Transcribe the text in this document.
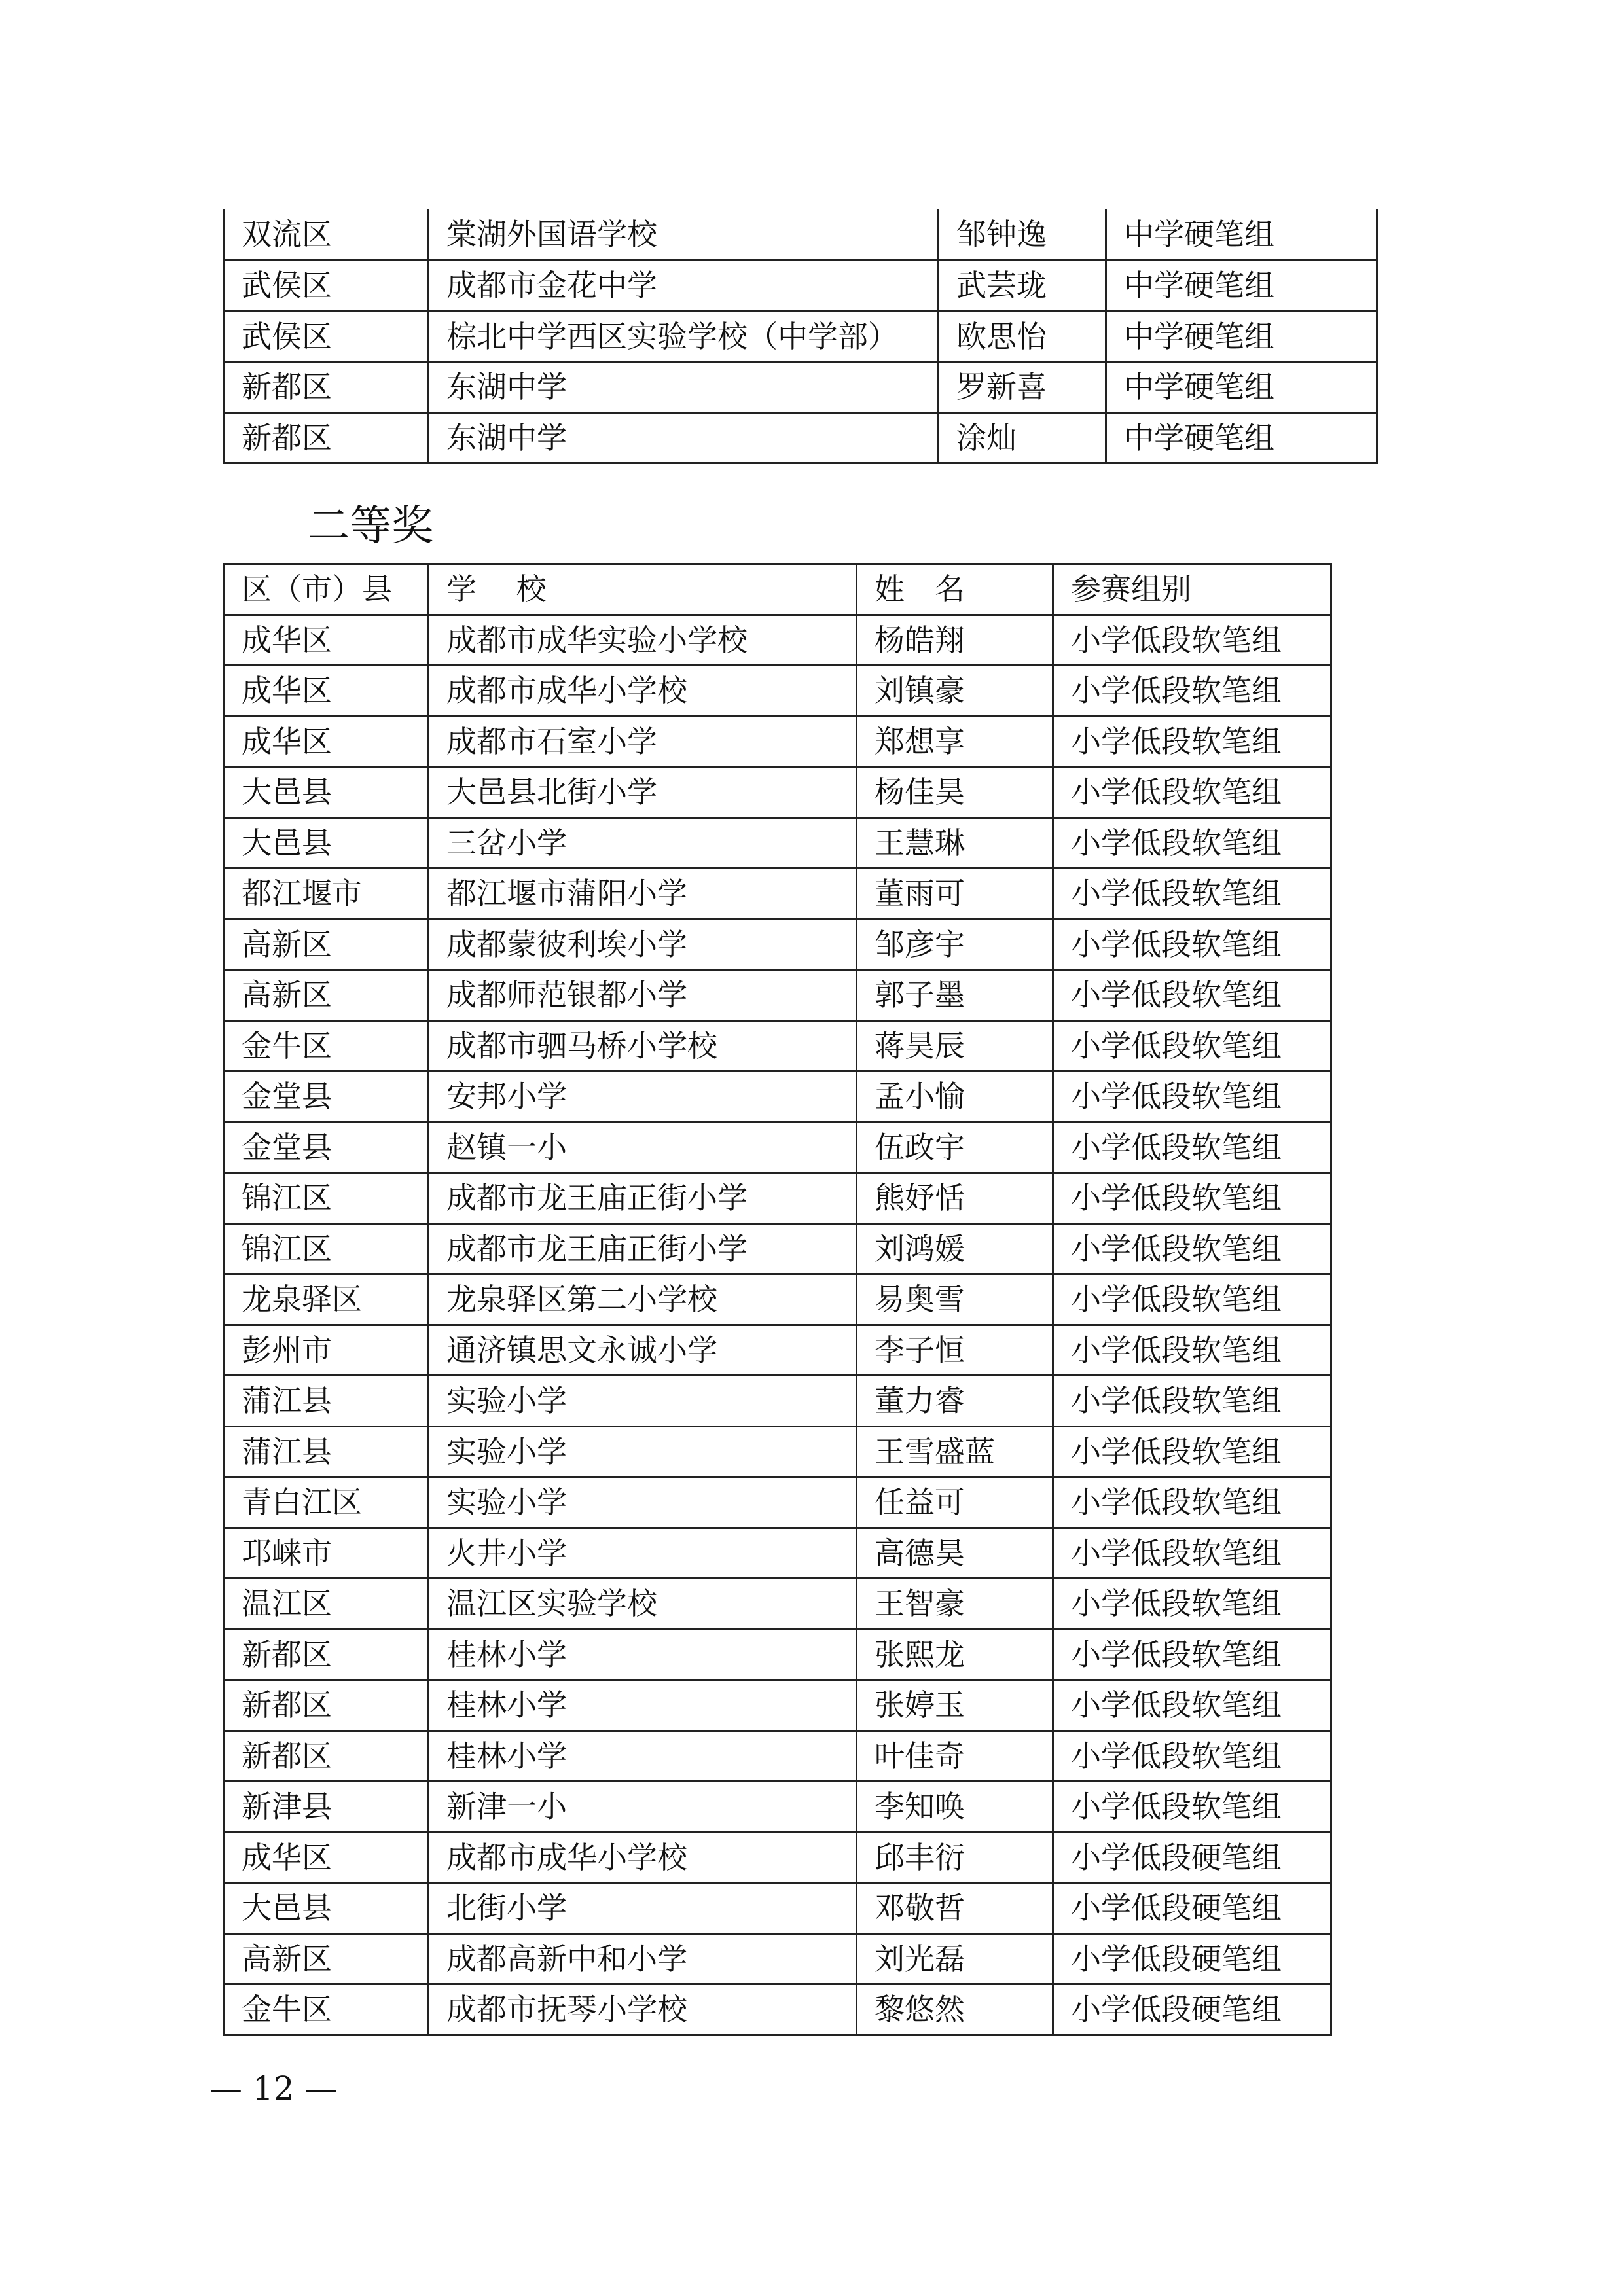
双流区	棠湖外国语学校	邹钟逸	中学硬笔组
武侯区	成都市金花中学	武芸珑	中学硬笔组
武侯区	棕北中学西区实验学校（中学部）	欧思怡	中学硬笔组
新都区	东湖中学	罗新喜	中学硬笔组
新都区	东湖中学	涂灿	中学硬笔组
二等奖
区（市）县	学　 校	姓　名	参赛组别
成华区	成都市成华实验小学校	杨皓翔	小学低段软笔组
成华区	成都市成华小学校	刘镇豪	小学低段软笔组
成华区	成都市石室小学	郑想享	小学低段软笔组
大邑县	大邑县北街小学	杨佳昊	小学低段软笔组
大邑县	三岔小学	王慧琳	小学低段软笔组
都江堰市	都江堰市蒲阳小学	董雨可	小学低段软笔组
高新区	成都蒙彼利埃小学	邹彦宇	小学低段软笔组
高新区	成都师范银都小学	郭子墨	小学低段软笔组
金牛区	成都市驷马桥小学校	蒋昊辰	小学低段软笔组
金堂县	安邦小学	孟小愉	小学低段软笔组
金堂县	赵镇一小	伍政宇	小学低段软笔组
锦江区	成都市龙王庙正街小学	熊妤恬	小学低段软笔组
锦江区	成都市龙王庙正街小学	刘鸿媛	小学低段软笔组
龙泉驿区	龙泉驿区第二小学校	易奥雪	小学低段软笔组
彭州市	通济镇思文永诚小学	李子恒	小学低段软笔组
蒲江县	实验小学	董力睿	小学低段软笔组
蒲江县	实验小学	王雪盛蓝	小学低段软笔组
青白江区	实验小学	任益可	小学低段软笔组
邛崃市	火井小学	高德昊	小学低段软笔组
温江区	温江区实验学校	王智豪	小学低段软笔组
新都区	桂林小学	张熙龙	小学低段软笔组
新都区	桂林小学	张婷玉	小学低段软笔组
新都区	桂林小学	叶佳奇	小学低段软笔组
新津县	新津一小	李知唤	小学低段软笔组
成华区	成都市成华小学校	邱丰衍	小学低段硬笔组
大邑县	北街小学	邓敬哲	小学低段硬笔组
高新区	成都高新中和小学	刘光磊	小学低段硬笔组
金牛区	成都市抚琴小学校	黎悠然	小学低段硬笔组
— 12 —
